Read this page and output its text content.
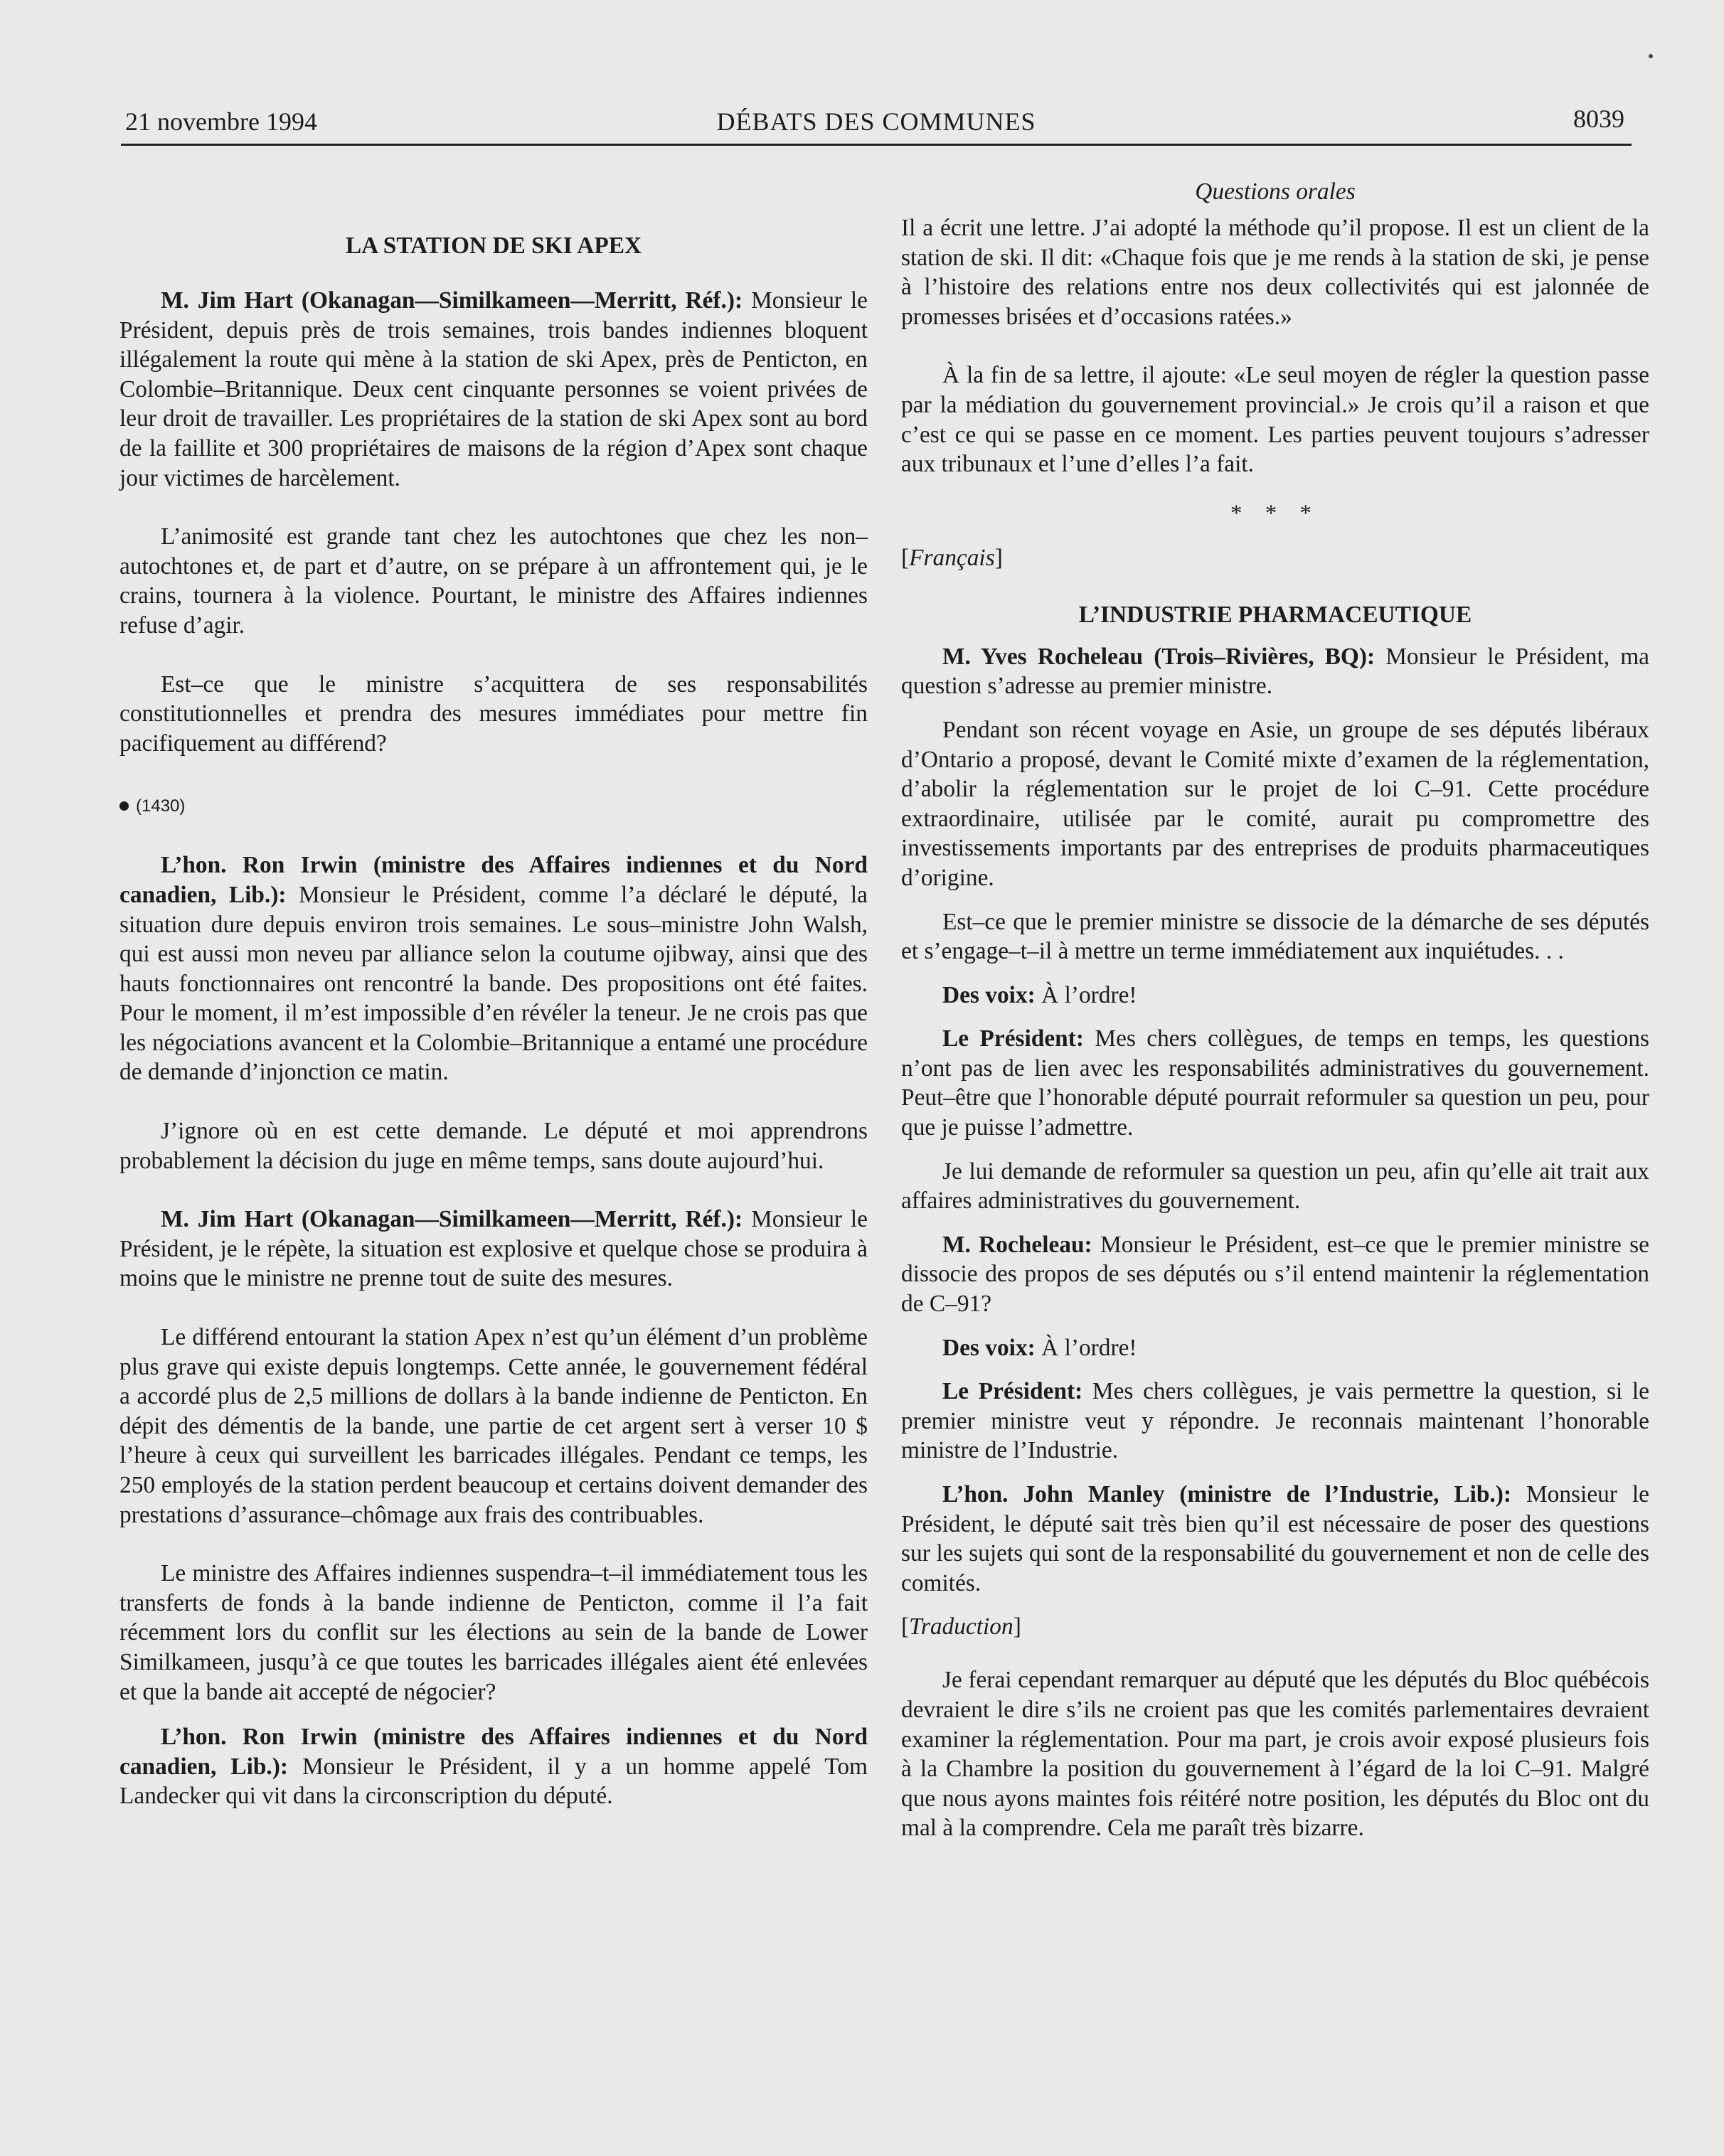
21 novembre 1994	DÉBATS DES COMMUNES	8039
LA STATION DE SKI APEX

M. Jim Hart (Okanagan—Similkameen—Merritt, Réf.): Monsieur le Président, depuis près de trois semaines, trois bandes indiennes bloquent illégalement la route qui mène à la station de ski Apex, près de Penticton, en Colombie–Britannique. Deux cent cinquante personnes se voient privées de leur droit de travailler. Les propriétaires de la station de ski Apex sont au bord de la faillite et 300 propriétaires de maisons de la région d’Apex sont chaque jour victimes de harcèlement.

L’animosité est grande tant chez les autochtones que chez les non–autochtones et, de part et d’autre, on se prépare à un affrontement qui, je le crains, tournera à la violence. Pourtant, le ministre des Affaires indiennes refuse d’agir.

Est–ce que le ministre s’acquittera de ses responsabilités constitutionnelles et prendra des mesures immédiates pour mettre fin pacifiquement au différend?

(1430)

L’hon. Ron Irwin (ministre des Affaires indiennes et du Nord canadien, Lib.): Monsieur le Président, comme l’a déclaré le député, la situation dure depuis environ trois semaines. Le sous–ministre John Walsh, qui est aussi mon neveu par alliance selon la coutume ojibway, ainsi que des hauts fonctionnaires ont rencontré la bande. Des propositions ont été faites. Pour le moment, il m’est impossible d’en révéler la teneur. Je ne crois pas que les négociations avancent et la Colombie–Britannique a entamé une procédure de demande d’injonction ce matin.

J’ignore où en est cette demande. Le député et moi apprendrons probablement la décision du juge en même temps, sans doute aujourd’hui.

M. Jim Hart (Okanagan—Similkameen—Merritt, Réf.): Monsieur le Président, je le répète, la situation est explosive et quelque chose se produira à moins que le ministre ne prenne tout de suite des mesures.

Le différend entourant la station Apex n’est qu’un élément d’un problème plus grave qui existe depuis longtemps. Cette année, le gouvernement fédéral a accordé plus de 2,5 millions de dollars à la bande indienne de Penticton. En dépit des démentis de la bande, une partie de cet argent sert à verser 10 $ l’heure à ceux qui surveillent les barricades illégales. Pendant ce temps, les 250 employés de la station perdent beaucoup et certains doivent demander des prestations d’assurance–chômage aux frais des contribuables.

Le ministre des Affaires indiennes suspendra–t–il immédiatement tous les transferts de fonds à la bande indienne de Penticton, comme il l’a fait récemment lors du conflit sur les élections au sein de la bande de Lower Similkameen, jusqu’à ce que toutes les barricades illégales aient été enlevées et que la bande ait accepté de négocier?

L’hon. Ron Irwin (ministre des Affaires indiennes et du Nord canadien, Lib.): Monsieur le Président, il y a un homme appelé Tom Landecker qui vit dans la circonscription du député.

Questions orales

Il a écrit une lettre. J’ai adopté la méthode qu’il propose. Il est un client de la station de ski. Il dit: «Chaque fois que je me rends à la station de ski, je pense à l’histoire des relations entre nos deux collectivités qui est jalonnée de promesses brisées et d’occasions ratées.»

À la fin de sa lettre, il ajoute: «Le seul moyen de régler la question passe par la médiation du gouvernement provincial.» Je crois qu’il a raison et que c’est ce qui se passe en ce moment. Les parties peuvent toujours s’adresser aux tribunaux et l’une d’elles l’a fait.

* * *

[Français]

L’INDUSTRIE PHARMACEUTIQUE

M. Yves Rocheleau (Trois–Rivières, BQ): Monsieur le Président, ma question s’adresse au premier ministre.

Pendant son récent voyage en Asie, un groupe de ses députés libéraux d’Ontario a proposé, devant le Comité mixte d’examen de la réglementation, d’abolir la réglementation sur le projet de loi C–91. Cette procédure extraordinaire, utilisée par le comité, aurait pu compromettre des investissements importants par des entreprises de produits pharmaceutiques d’origine.

Est–ce que le premier ministre se dissocie de la démarche de ses députés et s’engage–t–il à mettre un terme immédiatement aux inquiétudes. . .

Des voix: À l’ordre!

Le Président: Mes chers collègues, de temps en temps, les questions n’ont pas de lien avec les responsabilités administratives du gouvernement. Peut–être que l’honorable député pourrait reformuler sa question un peu, pour que je puisse l’admettre.

Je lui demande de reformuler sa question un peu, afin qu’elle ait trait aux affaires administratives du gouvernement.

M. Rocheleau: Monsieur le Président, est–ce que le premier ministre se dissocie des propos de ses députés ou s’il entend maintenir la réglementation de C–91?

Des voix: À l’ordre!

Le Président: Mes chers collègues, je vais permettre la question, si le premier ministre veut y répondre. Je reconnais maintenant l’honorable ministre de l’Industrie.

L’hon. John Manley (ministre de l’Industrie, Lib.): Monsieur le Président, le député sait très bien qu’il est nécessaire de poser des questions sur les sujets qui sont de la responsabilité du gouvernement et non de celle des comités.

[Traduction]

Je ferai cependant remarquer au député que les députés du Bloc québécois devraient le dire s’ils ne croient pas que les comités parlementaires devraient examiner la réglementation. Pour ma part, je crois avoir exposé plusieurs fois à la Chambre la position du gouvernement à l’égard de la loi C–91. Malgré que nous ayons maintes fois réitéré notre position, les députés du Bloc ont du mal à la comprendre. Cela me paraît très bizarre.
